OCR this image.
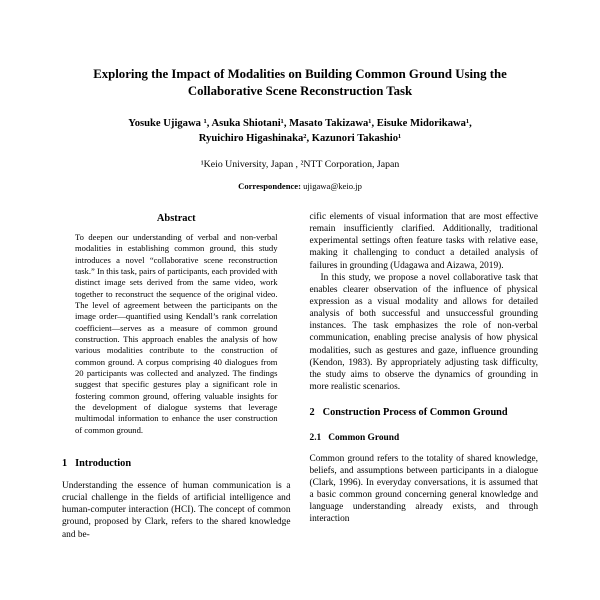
Exploring the Impact of Modalities on Building Common Ground Using the Collaborative Scene Reconstruction Task
Yosuke Ujigawa ¹, Asuka Shiotani¹, Masato Takizawa¹, Eisuke Midorikawa¹,
Ryuichiro Higashinaka², Kazunori Takashio¹
¹Keio University, Japan , ²NTT Corporation, Japan
Correspondence: ujigawa@keio.jp
Abstract
To deepen our understanding of verbal and non-verbal modalities in establishing common ground, this study introduces a novel “collaborative scene reconstruction task.” In this task, pairs of participants, each provided with distinct image sets derived from the same video, work together to reconstruct the sequence of the original video. The level of agreement between the participants on the image order—quantified using Kendall’s rank correlation coefficient—serves as a measure of common ground construction. This approach enables the analysis of how various modalities contribute to the construction of common ground. A corpus comprising 40 dialogues from 20 participants was collected and analyzed. The findings suggest that specific gestures play a significant role in fostering common ground, offering valuable insights for the development of dialogue systems that leverage multimodal information to enhance the user construction of common ground.
1 Introduction

Understanding the essence of human communication is a crucial challenge in the fields of artificial intelligence and human-computer interaction (HCI). The concept of common ground, proposed by Clark, refers to the shared knowledge and be-

cific elements of visual information that are most effective remain insufficiently clarified. Additionally, traditional experimental settings often feature tasks with relative ease, making it challenging to conduct a detailed analysis of failures in grounding (Udagawa and Aizawa, 2019).

In this study, we propose a novel collaborative task that enables clearer observation of the influence of physical expression as a visual modality and allows for detailed analysis of both successful and unsuccessful grounding instances. The task emphasizes the role of non-verbal communication, enabling precise analysis of how physical modalities, such as gestures and gaze, influence grounding (Kendon, 1983). By appropriately adjusting task difficulty, the study aims to observe the dynamics of grounding in more realistic scenarios.

2 Construction Process of Common Ground
2.1 Common Ground

Common ground refers to the totality of shared knowledge, beliefs, and assumptions between participants in a dialogue (Clark, 1996). In everyday conversations, it is assumed that a basic common ground concerning general knowledge and language understanding already exists, and through interaction
